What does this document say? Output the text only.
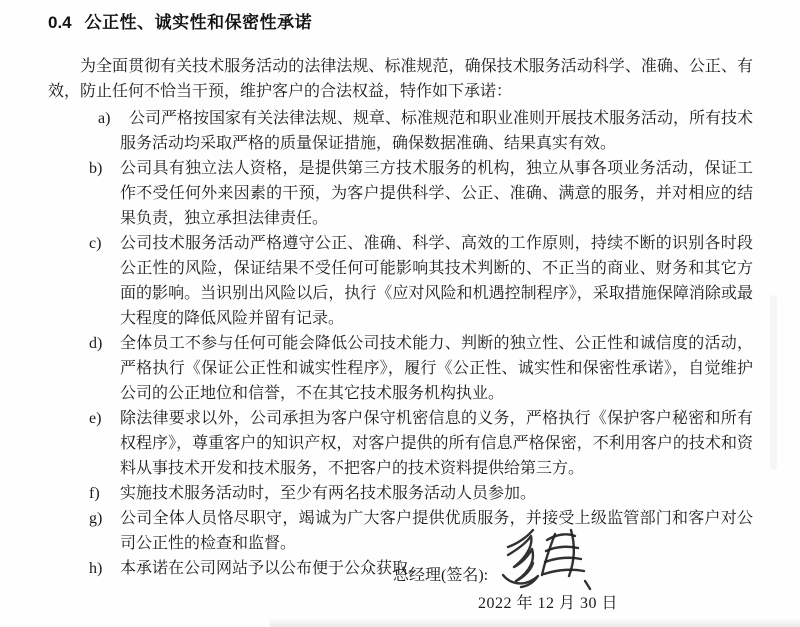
0.4 公正性、诚实性和保密性承诺

为全面贯彻有关技术服务活动的法律法规、标准规范，确保技术服务活动科学、准确、公正、有效，防止任何不恰当干预，维护客户的合法权益，特作如下承诺：

a) 公司严格按国家有关法律法规、规章、标准规范和职业准则开展技术服务活动，所有技术服务活动均采取严格的质量保证措施，确保数据准确、结果真实有效。
b) 公司具有独立法人资格，是提供第三方技术服务的机构，独立从事各项业务活动，保证工作不受任何外来因素的干预，为客户提供科学、公正、准确、满意的服务，并对相应的结果负责，独立承担法律责任。
c) 公司技术服务活动严格遵守公正、准确、科学、高效的工作原则，持续不断的识别各时段公正性的风险，保证结果不受任何可能影响其技术判断的、不正当的商业、财务和其它方面的影响。当识别出风险以后，执行《应对风险和机遇控制程序》，采取措施保障消除或最大程度的降低风险并留有记录。
d) 全体员工不参与任何可能会降低公司技术能力、判断的独立性、公正性和诚信度的活动，严格执行《保证公正性和诚实性程序》，履行《公正性、诚实性和保密性承诺》，自觉维护公司的公正地位和信誉，不在其它技术服务机构执业。
e) 除法律要求以外，公司承担为客户保守机密信息的义务，严格执行《保护客户秘密和所有权程序》，尊重客户的知识产权，对客户提供的所有信息严格保密，不利用客户的技术和资料从事技术开发和技术服务，不把客户的技术资料提供给第三方。
f) 实施技术服务活动时，至少有两名技术服务活动人员参加。
g) 公司全体人员恪尽职守，竭诚为广大客户提供优质服务，并接受上级监管部门和客户对公司公正性的检查和监督。
h) 本承诺在公司网站予以公布便于公众获取。
总经理(签名):
2022 年 12 月 30 日
